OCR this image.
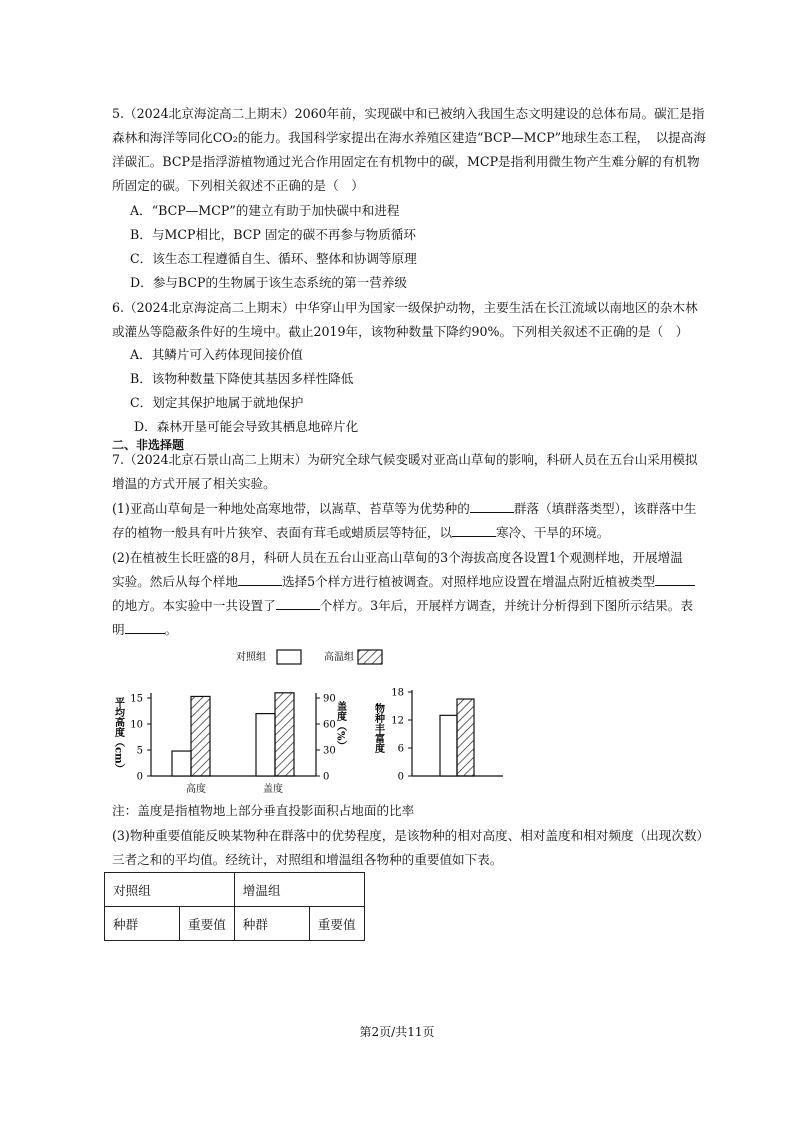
5.（2024北京海淀高二上期末）2060年前，实现碳中和已被纳入我国生态文明建设的总体布局。碳汇是指
森林和海洋等同化CO₂的能力。我国科学家提出在海水养殖区建造“BCP—MCP”地球生态工程，　以提高海
洋碳汇。BCP是指浮游植物通过光合作用固定在有机物中的碳，MCP是指利用微生物产生难分解的有机物
所固定的碳。下列相关叙述不正确的是（　）
A．“BCP—MCP”的建立有助于加快碳中和进程
B．与MCP相比，BCP 固定的碳不再参与物质循环
C．该生态工程遵循自生、循环、整体和协调等原理
D．参与BCP的生物属于该生态系统的第一营养级
6.（2024北京海淀高二上期末）中华穿山甲为国家一级保护动物，主要生活在长江流域以南地区的杂木林
或灌丛等隐蔽条件好的生境中。截止2019年，该物种数量下降约90%。下列相关叙述不正确的是（　）
A．其鳞片可入药体现间接价值
B．该物种数量下降使其基因多样性降低
C．划定其保护地属于就地保护
D．森林开垦可能会导致其栖息地碎片化
二、非选择题
7.（2024北京石景山高二上期末）为研究全球气候变暖对亚高山草甸的影响，科研人员在五台山采用模拟
增温的方式开展了相关实验。
(1)亚高山草甸是一种地处高寒地带，以嵩草、苔草等为优势种的	群落（填群落类型），该群落中生
存的植物一般具有叶片狭窄、表面有茸毛或蜡质层等特征，以	寒冷、干旱的环境。
(2)在植被生长旺盛的8月，科研人员在五台山亚高山草甸的3个海拔高度各设置1个观测样地，开展增温
实验。然后从每个样地	选择5个样方进行植被调查。对照样地应设置在增温点附近植被类型
的地方。本实验中一共设置了	个样方。3年后，开展样方调查，并统计分析得到下图所示结果。表
明	。
对照组	高温组
0
5
10
15
0
30
60
90
高度	盖度
平均高度（cm）	盖度（%）
0
6
12
18
物种丰富度
注：盖度是指植物地上部分垂直投影面积占地面的比率
(3)物种重要值能反映某物种在群落中的优势程度，是该物种的相对高度、相对盖度和相对频度（出现次数）
三者之和的平均值。经统计，对照组和增温组各物种的重要值如下表。
对照组		增温组	
种群	重要值	种群	重要值
第2页/共11页
